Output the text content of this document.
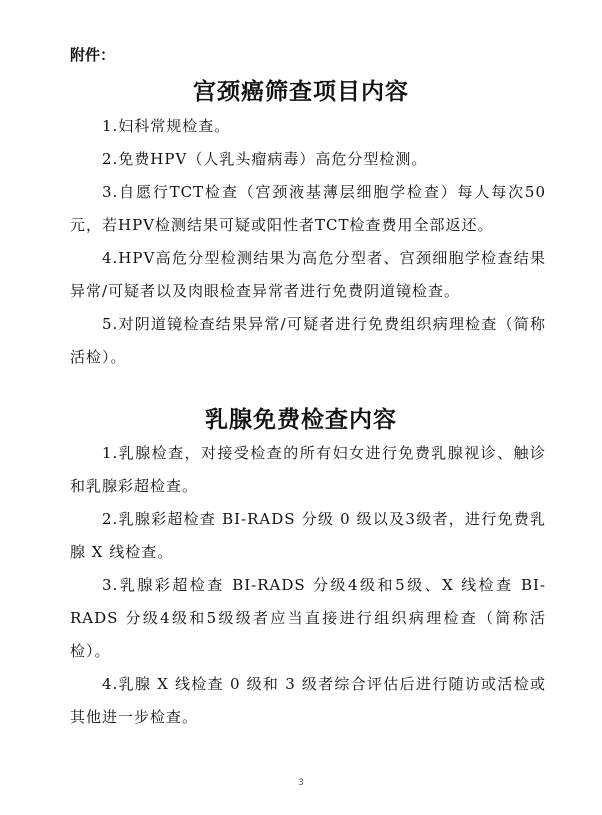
附件：
宫颈癌筛查项目内容

1.妇科常规检查。

2.免费HPV（人乳头瘤病毒）高危分型检测。

3.自愿行TCT检查（宫颈液基薄层细胞学检查）每人每次50元，若HPV检测结果可疑或阳性者TCT检查费用全部返还。

4.HPV高危分型检测结果为高危分型者、宫颈细胞学检查结果异常/可疑者以及肉眼检查异常者进行免费阴道镜检查。

5.对阴道镜检查结果异常/可疑者进行免费组织病理检查（简称活检）。

乳腺免费检查内容

1.乳腺检查，对接受检查的所有妇女进行免费乳腺视诊、触诊和乳腺彩超检查。

2.乳腺彩超检查 BI-RADS 分级 0 级以及3级者，进行免费乳腺 X 线检查。

3.乳腺彩超检查 BI-RADS 分级4级和5级、X 线检查 BI-RADS 分级4级和5级级者应当直接进行组织病理检查（简称活检）。

4.乳腺 X 线检查 0 级和 3 级者综合评估后进行随访或活检或其他进一步检查。

3
